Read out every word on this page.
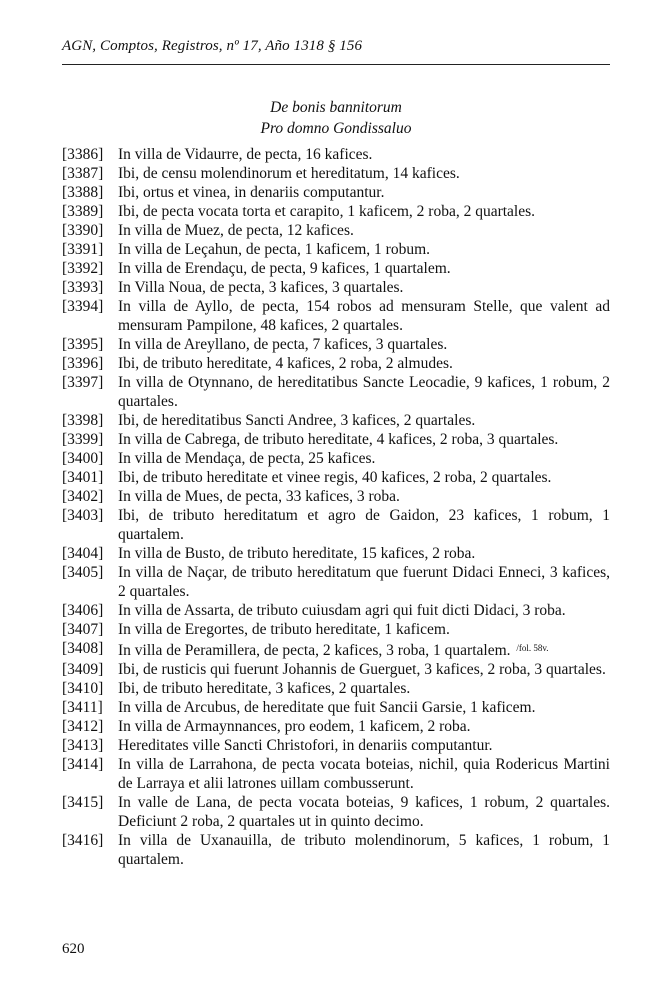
AGN, Comptos, Registros, nº 17, Año 1318 § 156
De bonis bannitorum
Pro domno Gondissaluo
[3386] In villa de Vidaurre, de pecta, 16 kafices.
[3387] Ibi, de censu molendinorum et hereditatum, 14 kafices.
[3388] Ibi, ortus et vinea, in denariis computantur.
[3389] Ibi, de pecta vocata torta et carapito, 1 kaficem, 2 roba, 2 quartales.
[3390] In villa de Muez, de pecta, 12 kafices.
[3391] In villa de Leçahun, de pecta, 1 kaficem, 1 robum.
[3392] In villa de Erendaçu, de pecta, 9 kafices, 1 quartalem.
[3393] In Villa Noua, de pecta, 3 kafices, 3 quartales.
[3394] In villa de Ayllo, de pecta, 154 robos ad mensuram Stelle, que valent ad mensuram Pampilone, 48 kafices, 2 quartales.
[3395] In villa de Areyllano, de pecta, 7 kafices, 3 quartales.
[3396] Ibi, de tributo hereditate, 4 kafices, 2 roba, 2 almudes.
[3397] In villa de Otynnano, de hereditatibus Sancte Leocadie, 9 kafices, 1 robum, 2 quartales.
[3398] Ibi, de hereditatibus Sancti Andree, 3 kafices, 2 quartales.
[3399] In villa de Cabrega, de tributo hereditate, 4 kafices, 2 roba, 3 quartales.
[3400] In villa de Mendaça, de pecta, 25 kafices.
[3401] Ibi, de tributo hereditate et vinee regis, 40 kafices, 2 roba, 2 quartales.
[3402] In villa de Mues, de pecta, 33 kafices, 3 roba.
[3403] Ibi, de tributo hereditatum et agro de Gaidon, 23 kafices, 1 robum, 1 quartalem.
[3404] In villa de Busto, de tributo hereditate, 15 kafices, 2 roba.
[3405] In villa de Naçar, de tributo hereditatum que fuerunt Didaci Enneci, 3 kafices, 2 quartales.
[3406] In villa de Assarta, de tributo cuiusdam agri qui fuit dicti Didaci, 3 roba.
[3407] In villa de Eregortes, de tributo hereditate, 1 kaficem.
[3408] In villa de Peramillera, de pecta, 2 kafices, 3 roba, 1 quartalem. $^{/fol. 58v.}$
[3409] Ibi, de rusticis qui fuerunt Johannis de Guerguet, 3 kafices, 2 roba, 3 quartales.
[3410] Ibi, de tributo hereditate, 3 kafices, 2 quartales.
[3411] In villa de Arcubus, de hereditate que fuit Sancii Garsie, 1 kaficem.
[3412] In villa de Armaynnances, pro eodem, 1 kaficem, 2 roba.
[3413] Hereditates ville Sancti Christofori, in denariis computantur.
[3414] In villa de Larrahona, de pecta vocata boteias, nichil, quia Rodericus Martini de Larraya et alii latrones uillam combusserunt.
[3415] In valle de Lana, de pecta vocata boteias, 9 kafices, 1 robum, 2 quartales. Deficiunt 2 roba, 2 quartales ut in quinto decimo.
[3416] In villa de Uxanauilla, de tributo molendinorum, 5 kafices, 1 robum, 1 quartalem.
620
